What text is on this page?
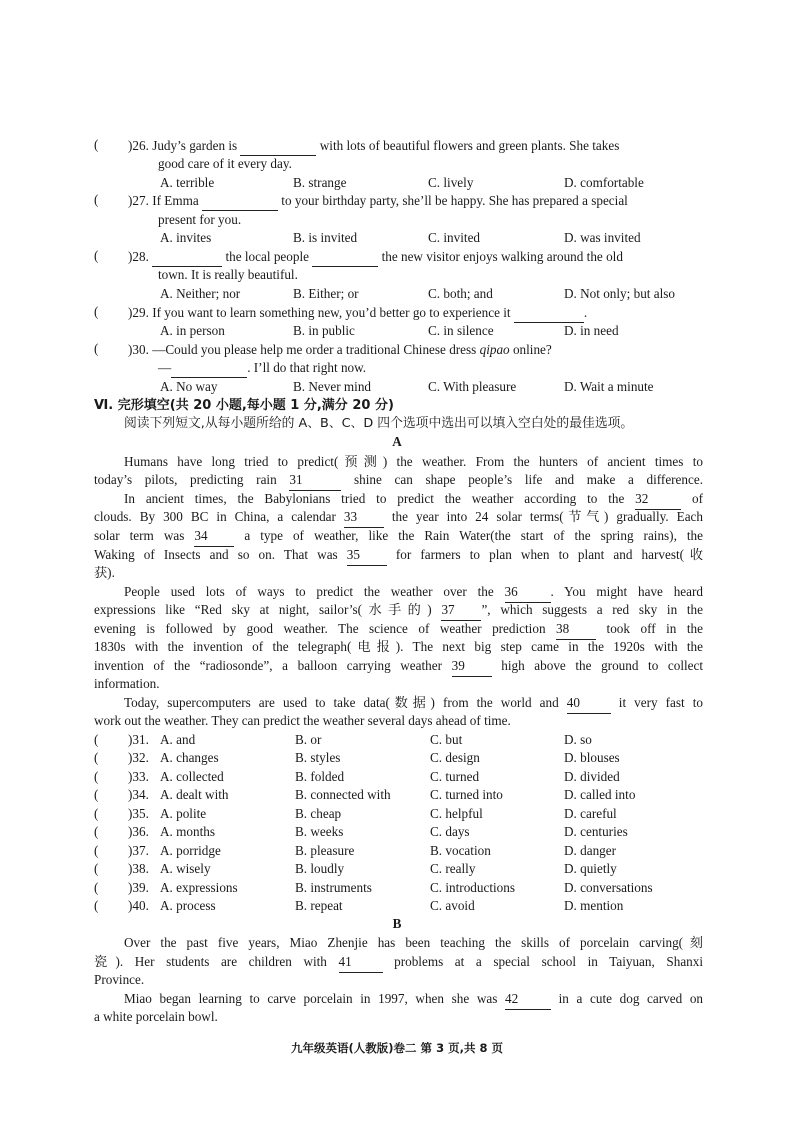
( )26. Judy’s garden is	with lots of beautiful flowers and green plants. She takes
good care of it every day.
A. terrible	B. strange	C. lively	D. comfortable
( )27. If Emma	to your birthday party, she’ll be happy. She has prepared a special
present for you.
A. invites	B. is invited	C. invited	D. was invited
( )28.	the local people	the new visitor enjoys walking around the old
town. It is really beautiful.
A. Neither; nor	B. Either; or	C. both; and	D. Not only; but also
( )29. If you want to learn something new, you’d better go to experience it	.
A. in person	B. in public	C. in silence	D. in need
( )30. —Could you please help me order a traditional Chinese dress qipao online?
—	. I’ll do that right now.
A. No way	B. Never mind	C. With pleasure	D. Wait a minute
Ⅵ. 完形填空(共 20 小题,每小题 1 分,满分 20 分)
阅读下列短文,从每小题所给的 A、B、C、D 四个选项中选出可以填入空白处的最佳选项。
A
Humans have long tried to predict(预测) the weather. From the hunters of ancient times to
today’s pilots, predicting rain 31	shine can shape people’s life and make a difference.
In ancient times, the Babylonians tried to predict the weather according to the 32	of
clouds. By 300 BC in China, a calendar 33	the year into 24 solar terms(节气) gradually. Each
solar term was 34	a type of weather, like the Rain Water(the start of the spring rains), the
Waking of Insects and so on. That was 35	for farmers to plan when to plant and harvest(收
获).
People used lots of ways to predict the weather over the 36 . You might have heard
expressions like “Red sky at night, sailor’s(水手的) 37 ”, which suggests a red sky in the
evening is followed by good weather. The science of weather prediction 38	took off in the
1830s with the invention of the telegraph(电报). The next big step came in the 1920s with the
invention of the “radiosonde”, a balloon carrying weather 39	high above the ground to collect
information.
Today, supercomputers are used to take data(数据) from the world and 40	it very fast to
work out the weather. They can predict the weather several days ahead of time.
( )31. A. and	B. or	C. but	D. so
( )32. A. changes	B. styles	C. design	D. blouses
( )33. A. collected	B. folded	C. turned	D. divided
( )34. A. dealt with	B. connected with	C. turned into	D. called into
( )35. A. polite	B. cheap	C. helpful	D. careful
( )36. A. months	B. weeks	C. days	D. centuries
( )37. A. porridge	B. pleasure	B. vocation	D. danger
( )38. A. wisely	B. loudly	C. really	D. quietly
( )39. A. expressions	B. instruments	C. introductions	D. conversations
( )40. A. process	B. repeat	C. avoid	D. mention
B
Over the past five years, Miao Zhenjie has been teaching the skills of porcelain carving(刻
瓷). Her students are children with 41	problems at a special school in Taiyuan, Shanxi
Province.
Miao began learning to carve porcelain in 1997, when she was 42	in a cute dog carved on
a white porcelain bowl.
九年级英语(人教版)卷二 第 3 页,共 8 页
